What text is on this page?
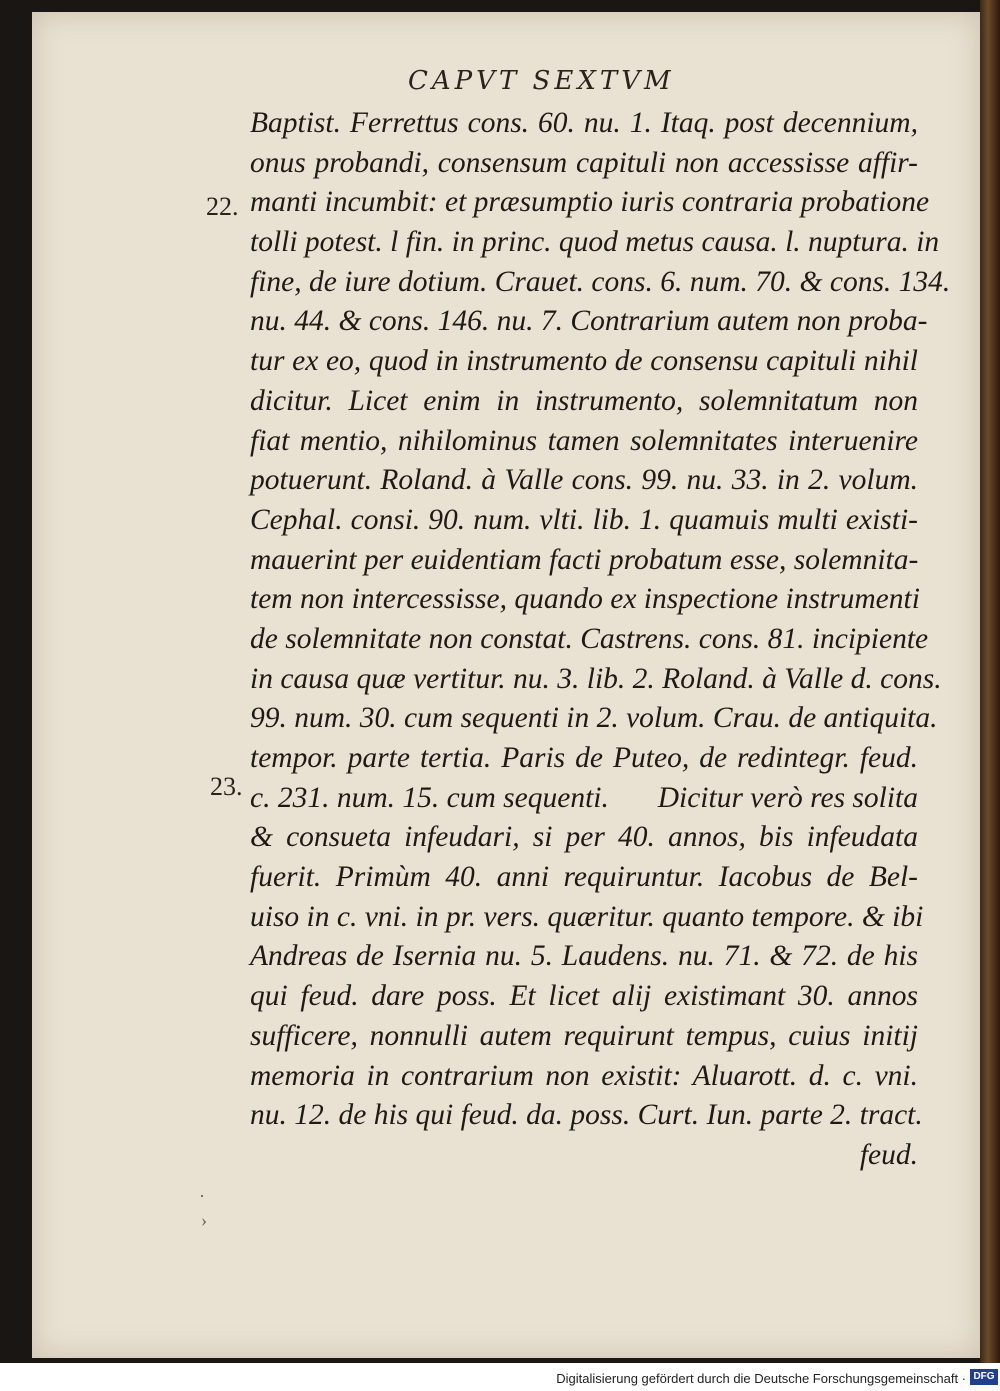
CAPVT SEXTVM
22.
23.
·
›
Baptist. Ferrettus cons. 60. nu. 1. Itaq. post decennium,
onus probandi, consensum capituli non accessisse affir-
manti incumbit: et præsumptio iuris contraria probatione
tolli potest. l fin. in princ. quod metus causa. l. nuptura. in
fine, de iure dotium. Crauet. cons. 6. num. 70. & cons. 134.
nu. 44. & cons. 146. nu. 7. Contrarium autem non proba-
tur ex eo, quod in instrumento de consensu capituli nihil
dicitur. Licet enim in instrumento, solemnitatum non
fiat mentio, nihilominus tamen solemnitates interuenire
potuerunt. Roland. à Valle cons. 99. nu. 33. in 2. volum.
Cephal. consi. 90. num. vlti. lib. 1. quamuis multi existi-
mauerint per euidentiam facti probatum esse, solemnita-
tem non intercessisse, quando ex inspectione instrumenti
de solemnitate non constat. Castrens. cons. 81. incipiente
in causa quæ vertitur. nu. 3. lib. 2. Roland. à Valle d. cons.
99. num. 30. cum sequenti in 2. volum. Crau. de antiquita.
tempor. parte tertia. Paris de Puteo, de redintegr. feud.
c. 231. num. 15. cum sequenti. Dicitur verò res solita
& consueta infeudari, si per 40. annos, bis infeudata
fuerit. Primùm 40. anni requiruntur. Iacobus de Bel-
uiso in c. vni. in pr. vers. quæritur. quanto tempore. & ibi
Andreas de Isernia nu. 5. Laudens. nu. 71. & 72. de his
qui feud. dare poss. Et licet alij existimant 30. annos
sufficere, nonnulli autem requirunt tempus, cuius initij
memoria in contrarium non existit: Aluarott. d. c. vni.
nu. 12. de his qui feud. da. poss. Curt. Iun. parte 2. tract.
feud.
Digitalisierung gefördert durch die Deutsche Forschungsgemeinschaft · DFG
